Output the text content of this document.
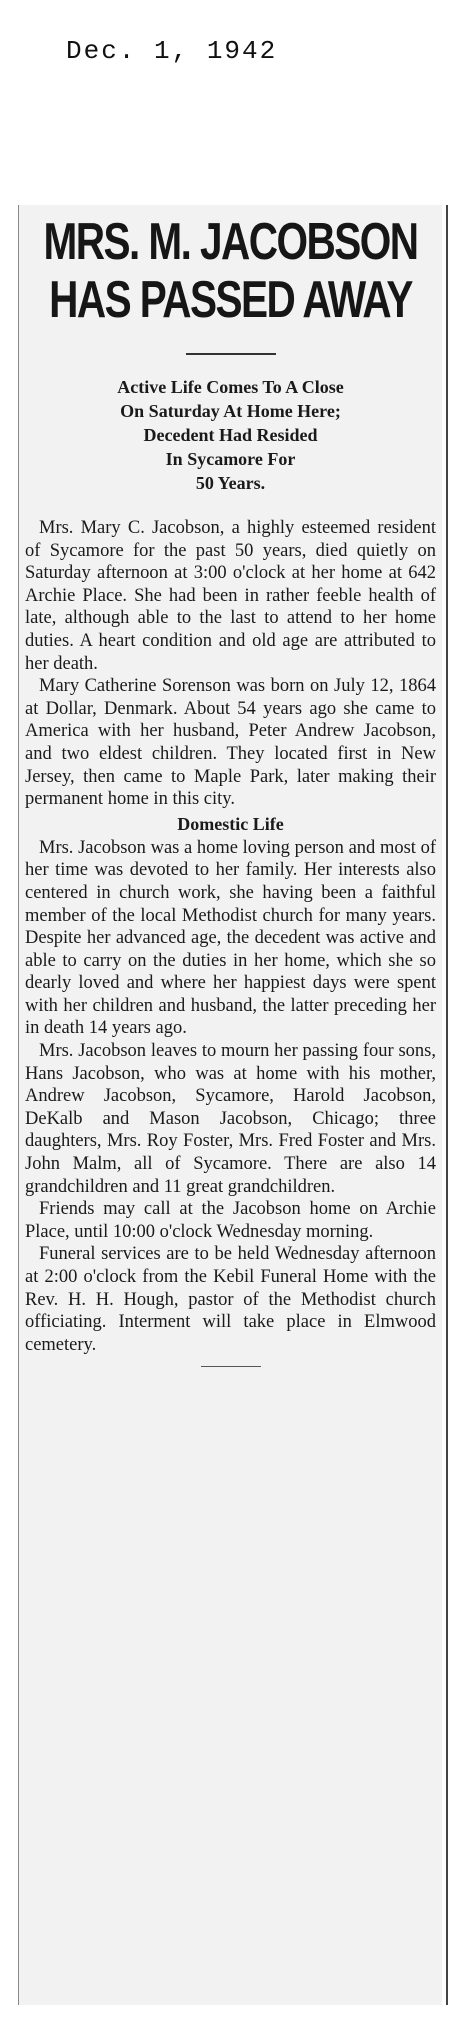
Dec. 1, 1942
MRS. M. JACOBSON
HAS PASSED AWAY
Active Life Comes To A Close
On Saturday At Home Here;
Decedent Had Resided
In Sycamore For
50 Years.

Mrs. Mary C. Jacobson, a highly esteemed resident of Sycamore for the past 50 years, died quietly on Saturday afternoon at 3:00 o'clock at her home at 642 Archie Place. She had been in rather feeble health of late, although able to the last to attend to her home duties. A heart condition and old age are attributed to her death.

Mary Catherine Sorenson was born on July 12, 1864 at Dollar, Denmark. About 54 years ago she came to America with her husband, Peter Andrew Jacobson, and two eldest children. They located first in New Jersey, then came to Maple Park, later making their permanent home in this city.

Domestic Life

Mrs. Jacobson was a home loving person and most of her time was devoted to her family. Her interests also centered in church work, she having been a faithful member of the local Methodist church for many years. Despite her advanced age, the decedent was active and able to carry on the duties in her home, which she so dearly loved and where her happiest days were spent with her children and husband, the latter preceding her in death 14 years ago.

Mrs. Jacobson leaves to mourn her passing four sons, Hans Jacobson, who was at home with his mother, Andrew Jacobson, Sycamore, Harold Jacobson, DeKalb and Mason Jacobson, Chicago; three daughters, Mrs. Roy Foster, Mrs. Fred Foster and Mrs. John Malm, all of Sycamore. There are also 14 grandchildren and 11 great grandchildren.

Friends may call at the Jacobson home on Archie Place, until 10:00 o'clock Wednesday morning.

Funeral services are to be held Wednesday afternoon at 2:00 o'clock from the Kebil Funeral Home with the Rev. H. H. Hough, pastor of the Methodist church officiating. Interment will take place in Elmwood cemetery.
